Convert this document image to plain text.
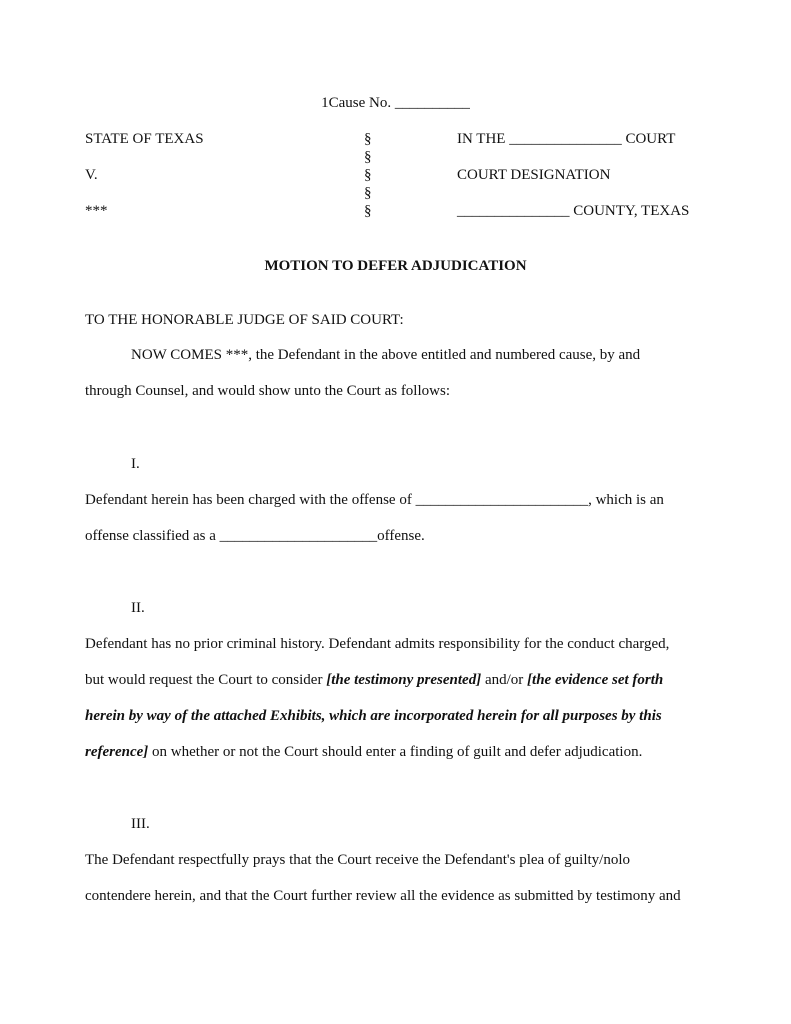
1Cause No. __________
STATE OF TEXAS
V.
***
§
§
§
§
§
IN THE _______________ COURT
COURT DESIGNATION
_______________ COUNTY, TEXAS
MOTION TO DEFER ADJUDICATION
TO THE HONORABLE JUDGE OF SAID COURT:
NOW COMES ***, the Defendant in the above entitled and numbered cause, by and
through Counsel, and would show unto the Court as follows:
I.
Defendant herein has been charged with the offense of _______________________, which is an
offense classified as a _____________________offense.
II.
Defendant has no prior criminal history. Defendant admits responsibility for the conduct charged,
but would request the Court to consider [the testimony presented] and/or [the evidence set forth
herein by way of the attached Exhibits, which are incorporated herein for all purposes by this
reference] on whether or not the Court should enter a finding of guilt and defer adjudication.
III.
The Defendant respectfully prays that the Court receive the Defendant's plea of guilty/nolo
contendere herein, and that the Court further review all the evidence as submitted by testimony and
